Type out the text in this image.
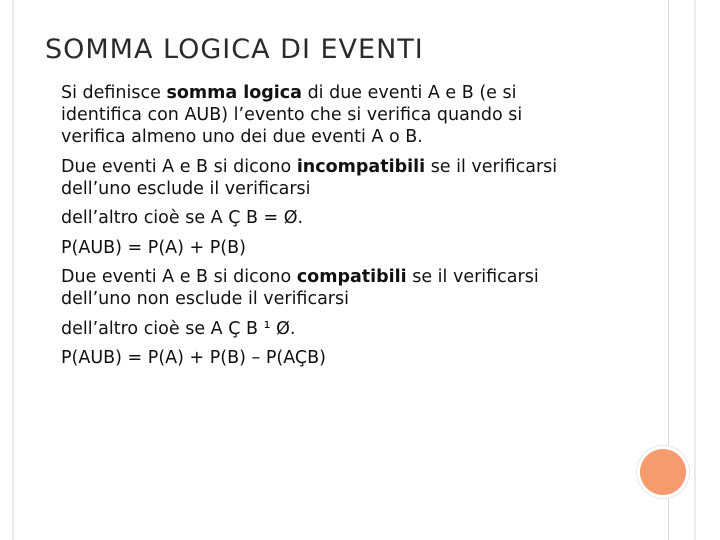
SOMMA LOGICA DI EVENTI
Si definisce somma logica di due eventi A e B (e si
identifica con AUB) l’evento che si verifica quando si
verifica almeno uno dei due eventi A o B.
Due eventi A e B si dicono incompatibili se il verificarsi
dell’uno esclude il verificarsi
dell’altro cioè se A Ç B = Ø.
P(AUB) = P(A) + P(B)
Due eventi A e B si dicono compatibili se il verificarsi
dell’uno non esclude il verificarsi
dell’altro cioè se A Ç B ¹ Ø.
P(AUB) = P(A) + P(B) – P(AÇB)
